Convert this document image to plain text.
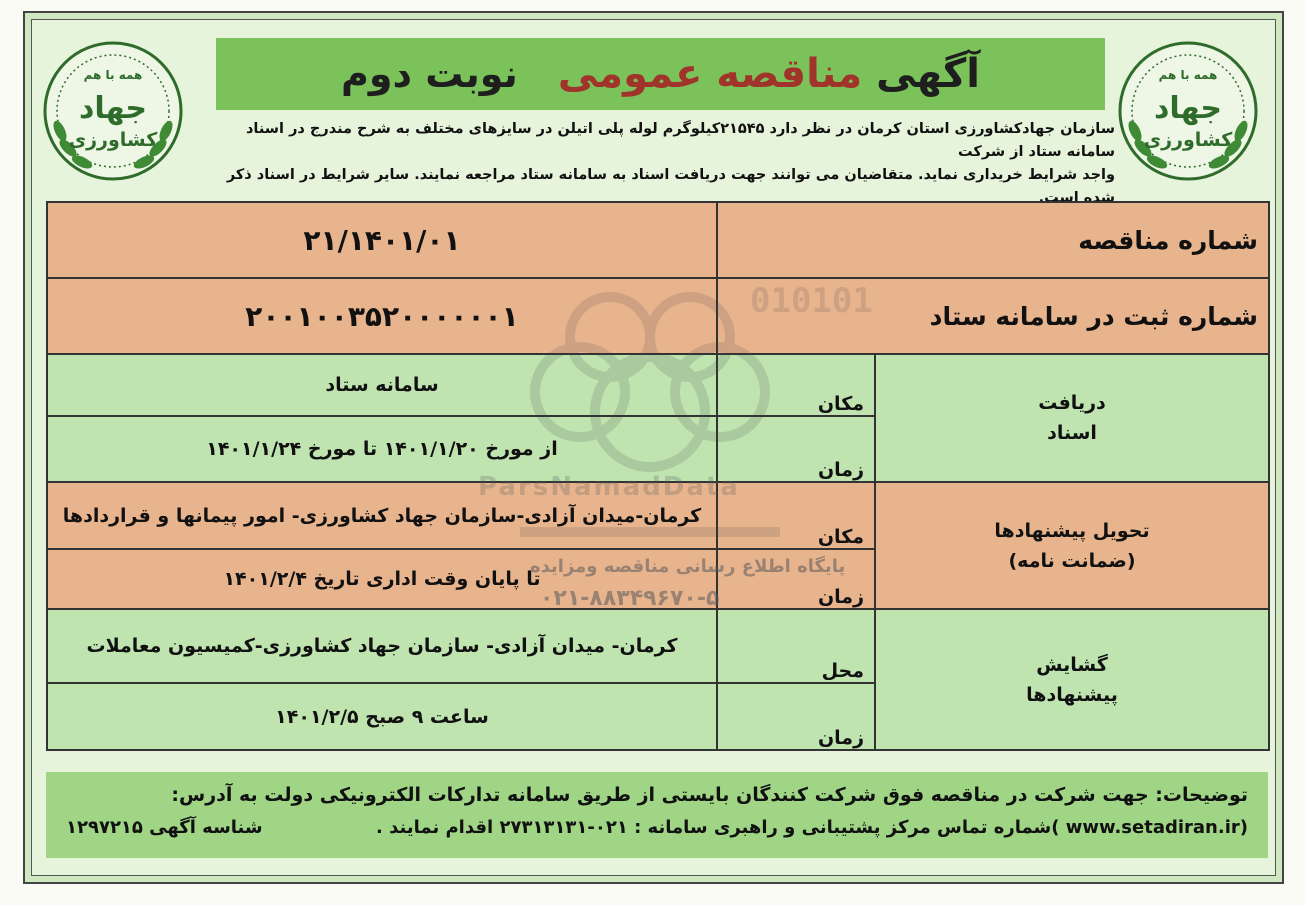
همه با هم
جهاد
کشاورزی
همه با هم
جهاد
کشاورزی
آگهی مناقصه عمومی
نوبت دوم
سازمان جهادکشاورزی استان کرمان در نظر دارد ۲۱۵۴۵کیلوگرم لوله پلی اتیلن در سایزهای مختلف به شرح مندرج در اسناد سامانه ستاد از شرکت
واجد شرایط خریداری نماید. متقاضیان می توانند جهت دریافت اسناد به سامانه ستاد مراجعه نمایند. سایر شرایط در اسناد ذکر شده است.
شماره مناقصه		۲۱/۱۴۰۱/۰۱
شماره ثبت در سامانه ستاد		۲۰۰۱۰۰۳۵۲۰۰۰۰۰۰۱

دریافت
اسناد	مکان	سامانه ستاد
	زمان	از مورخ ۱۴۰۱/۱/۲۰ تا مورخ ۱۴۰۱/۱/۲۴

تحویل پیشنهادها
(ضمانت نامه)	مکان	کرمان-میدان آزادی-سازمان جهاد کشاورزی- امور پیمانها و قراردادها
	زمان	تا پایان وقت اداری تاریخ ۱۴۰۱/۲/۴

گشایش
پیشنهادها	محل	کرمان- میدان آزادی- سازمان جهاد کشاورزی-کمیسیون معاملات
	زمان	ساعت ۹ صبح ۱۴۰۱/۲/۵
ParsNamadData
پایگاه اطلاع رسانی مناقصه ومزایده
۰۲۱-۸۸۳۴۹۶۷۰-۵
توضیحات: جهت شرکت در مناقصه فوق شرکت کنندگان بایستی از طریق سامانه تدارکات الکترونیکی دولت به آدرس:
(www.setadiran.ir )شماره تماس مرکز پشتیبانی و راهبری سامانه : ۰۲۱-۲۷۳۱۳۱۳۱ اقدام نمایند .
شناسه آگهی ۱۲۹۷۲۱۵
